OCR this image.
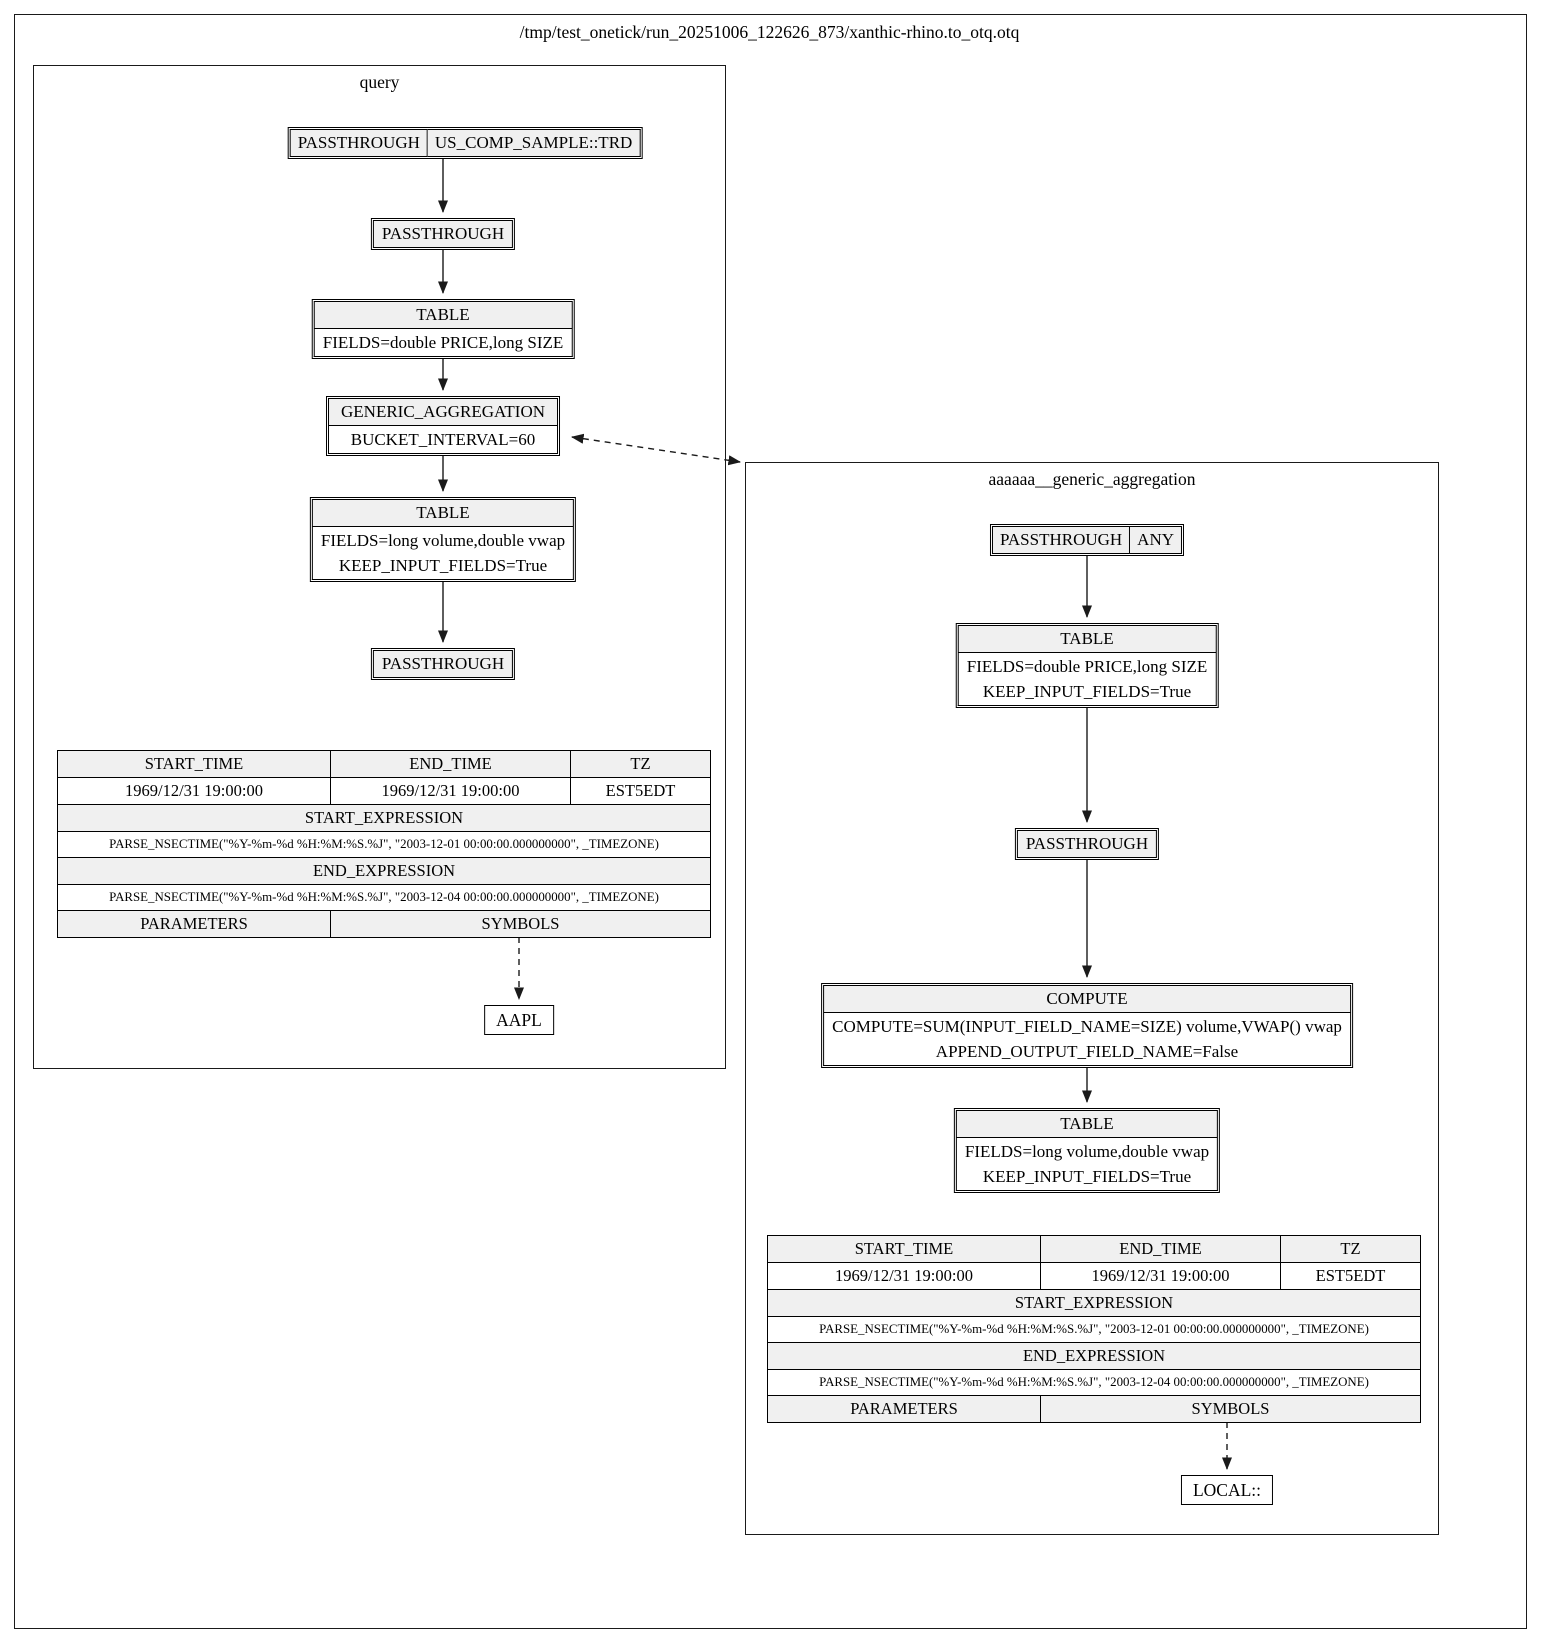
/tmp/test_onetick/run_20251006_122626_873/xanthic-rhino.to_otq.otq
query
aaaaaa__generic_aggregation
PASSTHROUGH US_COMP_SAMPLE::TRD
PASSTHROUGH
TABLE
FIELDS=double PRICE,long SIZE
GENERIC_AGGREGATION
BUCKET_INTERVAL=60
TABLE
FIELDS=long volume,double vwap
KEEP_INPUT_FIELDS=True
PASSTHROUGH
START_TIME	END_TIME	TZ
1969/12/31 19:00:00	1969/12/31 19:00:00	EST5EDT
START_EXPRESSION		
PARSE_NSECTIME("%Y-%m-%d %H:%M:%S.%J", "2003-12-01 00:00:00.000000000", _TIMEZONE)		
END_EXPRESSION		
PARSE_NSECTIME("%Y-%m-%d %H:%M:%S.%J", "2003-12-04 00:00:00.000000000", _TIMEZONE)		
PARAMETERS	SYMBOLS	
AAPL
PASSTHROUGH ANY
TABLE
FIELDS=double PRICE,long SIZE
KEEP_INPUT_FIELDS=True
PASSTHROUGH
COMPUTE
COMPUTE=SUM(INPUT_FIELD_NAME=SIZE) volume,VWAP() vwap
APPEND_OUTPUT_FIELD_NAME=False
TABLE
FIELDS=long volume,double vwap
KEEP_INPUT_FIELDS=True
START_TIME	END_TIME	TZ
1969/12/31 19:00:00	1969/12/31 19:00:00	EST5EDT
START_EXPRESSION		
PARSE_NSECTIME("%Y-%m-%d %H:%M:%S.%J", "2003-12-01 00:00:00.000000000", _TIMEZONE)		
END_EXPRESSION		
PARSE_NSECTIME("%Y-%m-%d %H:%M:%S.%J", "2003-12-04 00:00:00.000000000", _TIMEZONE)		
PARAMETERS	SYMBOLS	
LOCAL::
